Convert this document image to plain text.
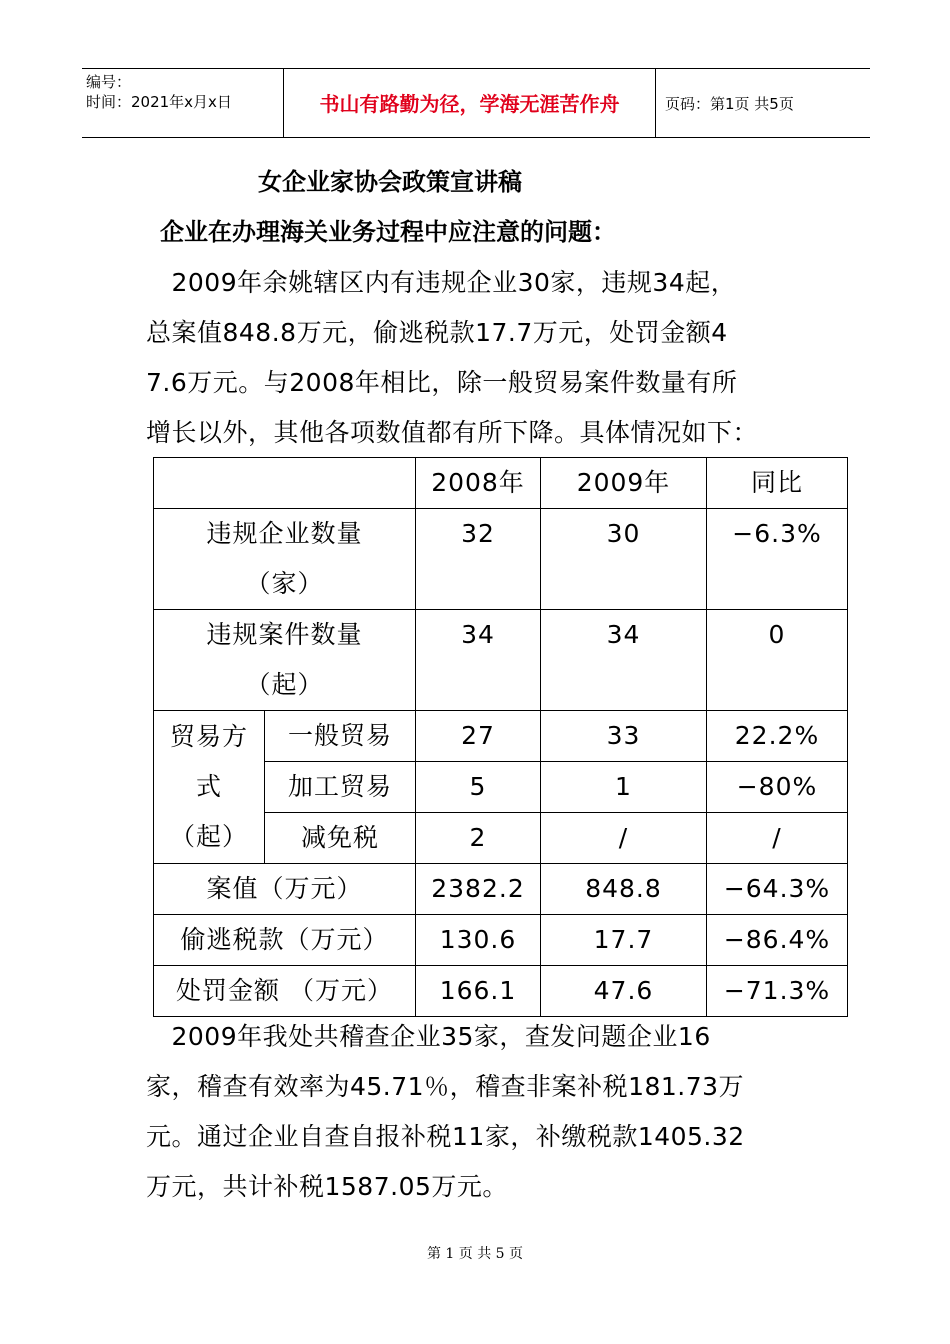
编号：
时间：2021年x月x日	书山有路勤为径，学海无涯苦作舟	页码：第1页 共5页
女企业家协会政策宣讲稿
企业在办理海关业务过程中应注意的问题：
　2009年余姚辖区内有违规企业30家，违规34起，
总案值848.8万元，偷逃税款17.7万元，处罚金额4
7.6万元。与2008年相比，除一般贸易案件数量有所
增长以外，其他各项数值都有所下降。具体情况如下：
		2008年	2009年	同比

违规企业数量
（家）		32	30	−6.3%

违规案件数量
（起）		34	34	0

贸易方
式
（起）	一般贸易	27	33	22.2%
	加工贸易	5	1	−80%
	减免税	2	/	/
案值（万元）		2382.2	848.8	−64.3%
偷逃税款（万元）		130.6	17.7	−86.4%
处罚金额 （万元）		166.1	47.6	−71.3%
　2009年我处共稽查企业35家，查发问题企业16
家，稽查有效率为45.71％，稽查非案补税181.73万
元。通过企业自查自报补税11家，补缴税款1405.32
万元，共计补税1587.05万元。
第 1 页 共 5 页
